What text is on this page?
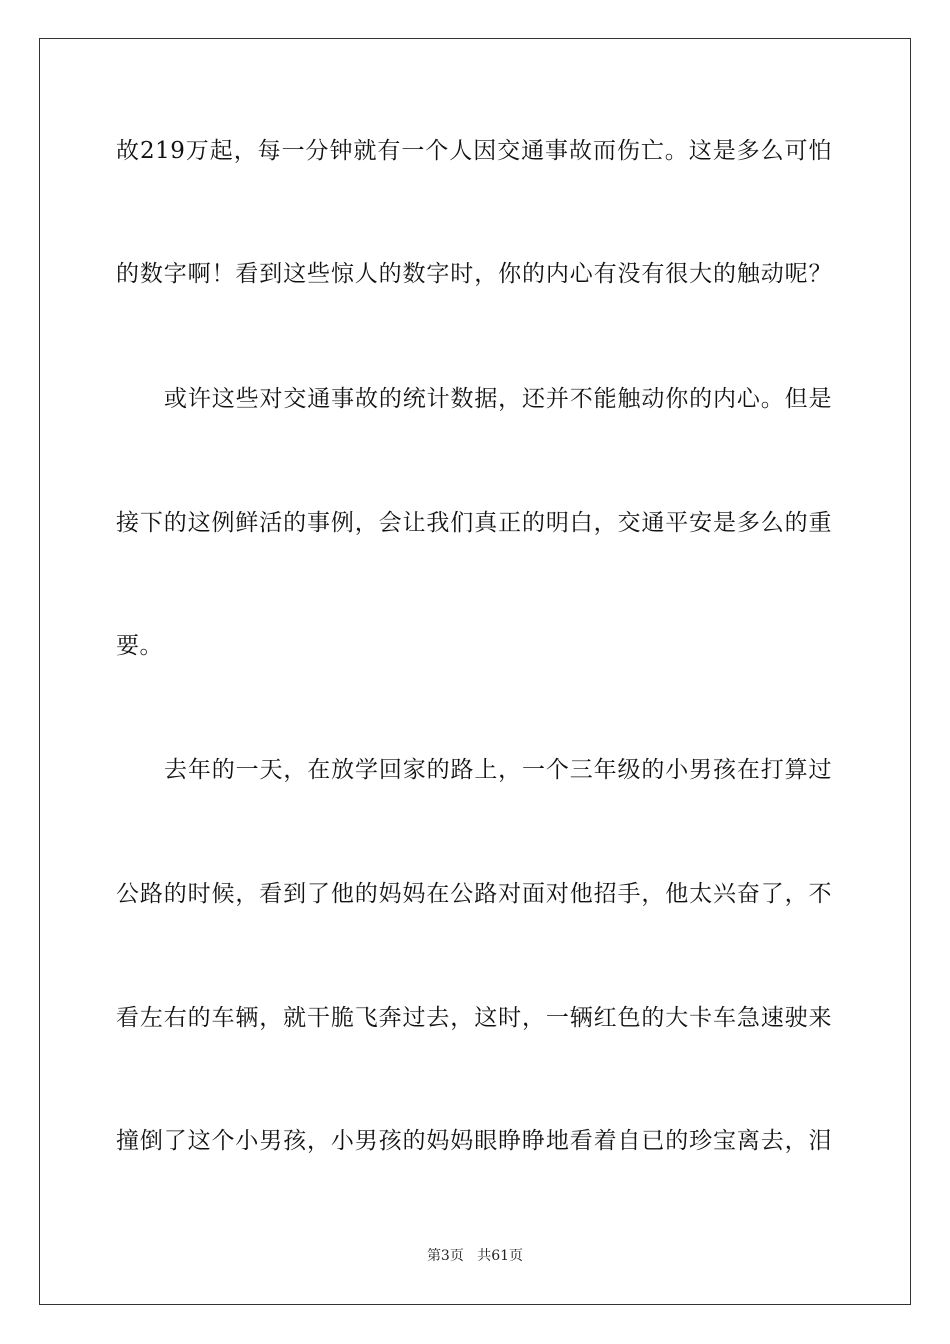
故219万起，每一分钟就有一个人因交通事故而伤亡。这是多么可怕
的数字啊！看到这些惊人的数字时，你的内心有没有很大的触动呢？
或许这些对交通事故的统计数据，还并不能触动你的内心。但是
接下的这例鲜活的事例，会让我们真正的明白，交通平安是多么的重
要。
去年的一天，在放学回家的路上，一个三年级的小男孩在打算过
公路的时候，看到了他的妈妈在公路对面对他招手，他太兴奋了，不
看左右的车辆，就干脆飞奔过去，这时，一辆红色的大卡车急速驶来
撞倒了这个小男孩，小男孩的妈妈眼睁睁地看着自已的珍宝离去，泪
第3页 共61页
